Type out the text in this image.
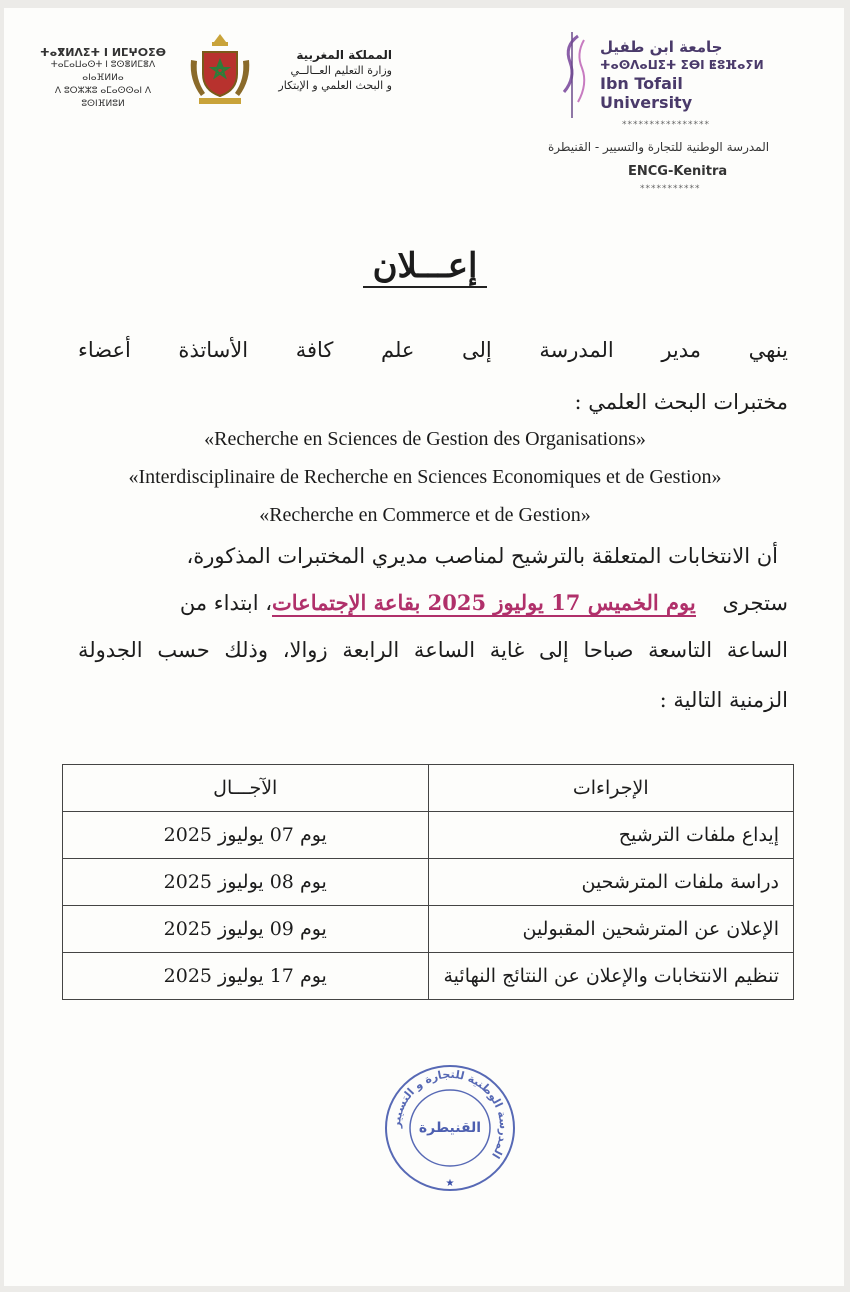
ⵜⴰⴳⵍⴷⵉⵜ ⵏ ⵍⵎⵖⵔⵉⴱ
ⵜⴰⵎⴰⵡⴰⵙⵜ ⵏ ⵓⵙⴻⵍⵎⴻⴷ ⴰⵏⴰⴼⵍⵍⴰ
ⴷ ⵓⵔⵣⵣⵓ ⴰⵎⴰⵙⵙⴰⵏ ⴷ ⵓⵙⵏⴼⵍⵓⵍ
المملكة المغربية
وزارة التعليم العــالــي
و البحث العلمي و الإبتكار
جامعة ابن طفيل
ⵜⴰⵙⴷⴰⵡⵉⵜ ⵉⴱⵏ ⵟⵓⴼⴰⵢⵍ
Ibn Tofail University
****************
المدرسة الوطنية للتجارة والتسيير - القنيطرة
ENCG-Kenitra
***********
إعـــلان
ينهي مدير المدرسة إلى علم كافة الأساتذة أعضاء
مختبرات البحث العلمي :
«Recherche en Sciences de Gestion des Organisations»
«Interdisciplinaire de Recherche en Sciences Economiques et de Gestion»
«Recherche en Commerce et de Gestion»
أن الانتخابات المتعلقة بالترشيح لمناصب مديري المختبرات المذكورة،
ستجرى    يوم الخميس 17 يوليوز 2025 بقاعة الإجتماعات، ابتداء من
الساعة التاسعة صباحا إلى غاية الساعة الرابعة زوالا، وذلك حسب الجدولة
الزمنية التالية :
الآجـــال	الإجراءات
يوم 07 يوليوز 2025	إيداع ملفات الترشيح
يوم 08 يوليوز 2025	دراسة ملفات المترشحين
يوم 09 يوليوز 2025	الإعلان عن المترشحين المقبولين
يوم 17 يوليوز 2025	تنظيم الانتخابات والإعلان عن النتائج النهائية
المدرسة الوطنية للتجارة و التسيير
القنيطرة
★
